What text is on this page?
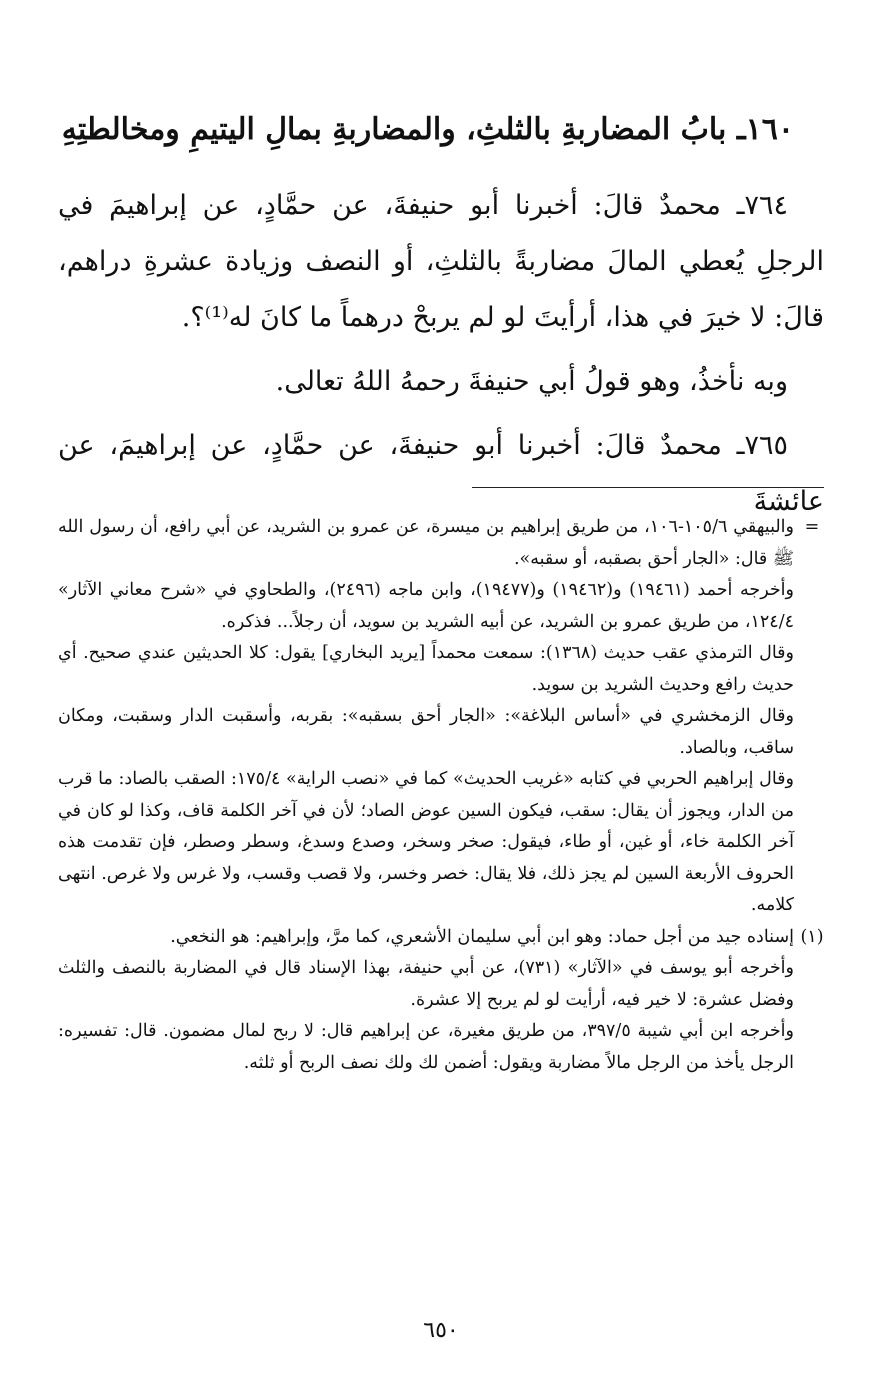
١٦٠ـ بابُ المضاربةِ بالثلثِ، والمضاربةِ بمالِ اليتيمِ ومخالطتِهِ

٧٦٤ـ محمدٌ قالَ: أخبرنا أبو حنيفةَ، عن حمَّادٍ، عن إبراهيمَ في الرجلِ يُعطي المالَ مضاربةً بالثلثِ، أو النصف وزيادة عشرةِ دراهم، قالَ: لا خيرَ في هذا، أرأيتَ لو لم يربحْ درهماً ما كانَ له⁽¹⁾؟.

وبه نأخذُ، وهو قولُ أبي حنيفةَ رحمهُ اللهُ تعالى.

٧٦٥ـ محمدٌ قالَ: أخبرنا أبو حنيفةَ، عن حمَّادٍ، عن إبراهيمَ، عن عائشةَ

=
والبيهقي ١٠٥/٦-١٠٦، من طريق إبراهيم بن ميسرة، عن عمرو بن الشريد، عن أبي رافع، أن رسول الله ﷺ قال: «الجار أحق بصقبه، أو سقبه».

وأخرجه أحمد (١٩٤٦١) و(١٩٤٦٢) و(١٩٤٧٧)، وابن ماجه (٢٤٩٦)، والطحاوي في «شرح معاني الآثار» ١٢٤/٤، من طريق عمرو بن الشريد، عن أبيه الشريد بن سويد، أن رجلاً... فذكره.

وقال الترمذي عقب حديث (١٣٦٨): سمعت محمداً [يريد البخاري] يقول: كلا الحديثين عندي صحيح. أي حديث رافع وحديث الشريد بن سويد.

وقال الزمخشري في «أساس البلاغة»: «الجار أحق بسقبه»: بقربه، وأسقبت الدار وسقبت، ومكان ساقب، وبالصاد.

وقال إبراهيم الحربي في كتابه «غريب الحديث» كما في «نصب الراية» ١٧٥/٤: الصقب بالصاد: ما قرب من الدار، ويجوز أن يقال: سقب، فيكون السين عوض الصاد؛ لأن في آخر الكلمة قاف، وكذا لو كان في آخر الكلمة خاء، أو غين، أو طاء، فيقول: صخر وسخر، وصدع وسدغ، وسطر وصطر، فإن تقدمت هذه الحروف الأربعة السين لم يجز ذلك، فلا يقال: خصر وخسر، ولا قصب وقسب، ولا غرس ولا غرص. انتهى كلامه.

(١)
إسناده جيد من أجل حماد: وهو ابن أبي سليمان الأشعري، كما مرَّ، وإبراهيم: هو النخعي.

وأخرجه أبو يوسف في «الآثار» (٧٣١)، عن أبي حنيفة، بهذا الإسناد قال في المضاربة بالنصف والثلث وفضل عشرة: لا خير فيه، أرأيت لو لم يربح إلا عشرة.

وأخرجه ابن أبي شيبة ٣٩٧/٥، من طريق مغيرة، عن إبراهيم قال: لا ربح لمال مضمون. قال: تفسيره: الرجل يأخذ من الرجل مالاً مضاربة ويقول: أضمن لك ولك نصف الربح أو ثلثه.

٦٥٠
